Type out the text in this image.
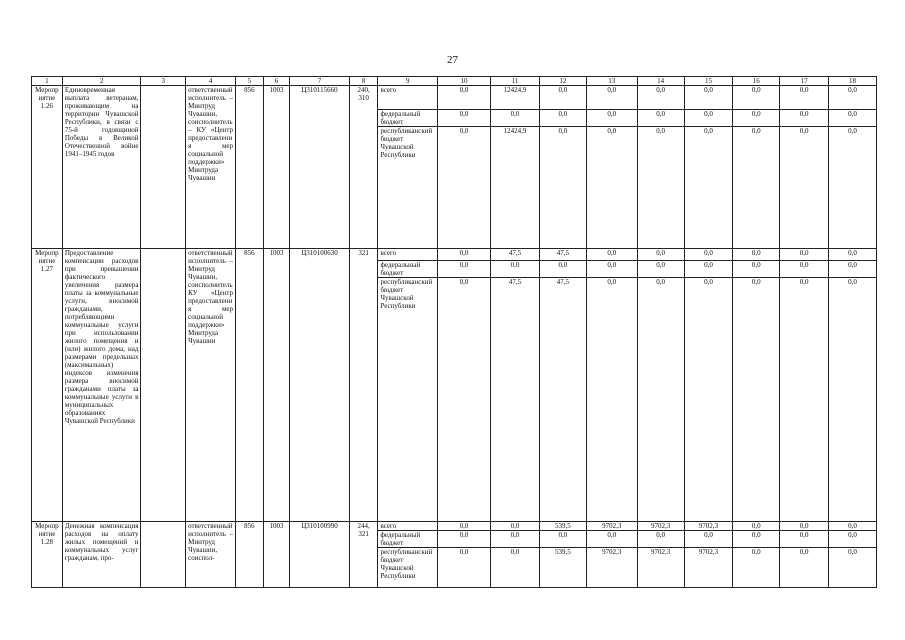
27
1	2	3	4	5	6	7	8	9	10	11	12	13	14	15	16	17	18
Мероприятие 1.26	Единовременная выплата ветеранам, проживающим на территории Чувашской Республики, в связи с 75-й годовщиной Победы в Великой Отечественной войне 1941–1945 годов		ответственный исполнитель – Минтруд Чувашии, соисполнитель – КУ «Центр предоставления мер социальной поддержки» Минтруда Чувашии	856	1003	Ц310115660	240, 310	всего	0,0	12424,9	0,0	0,0	0,0	0,0	0,0	0,0	0,0
								федеральный бюджет	0,0	0,0	0,0	0,0	0,0	0,0	0,0	0,0	0,0
								республиканский бюджет Чувашской Республики	0,0	12424,9	0,0	0,0	0,0	0,0	0,0	0,0	0,0
Мероприятие 1.27	Предоставление компенсации расходов при превышении фактического увеличения размера платы за коммунальные услуги, вносимой гражданами, потребляющими коммунальные услуги при использовании жилого помещения и (или) жилого дома, над размерами предельных (максимальных) индексов изменения размера вносимой гражданами платы за коммунальные услуги в муниципальных образованиях Чувашской Республики		ответственный исполнитель – Минтруд Чувашии, соисполнитель КУ «Центр предоставления мер социальной поддержки» Минтруда Чувашии	856	1003	Ц310100630	321	всего	0,0	47,5	47,5	0,0	0,0	0,0	0,0	0,0	0,0
								федеральный бюджет	0,0	0,0	0,0	0,0	0,0	0,0	0,0	0,0	0,0
								республиканский бюджет Чувашской Республики	0,0	47,5	47,5	0,0	0,0	0,0	0,0	0,0	0,0
Мероприятие 1.28	Денежная компенсация расходов на оплату жилых помещений и коммунальных услуг гражданам, про-		ответственный исполнитель – Минтруд Чувашии, соиспол-	856	1003	Ц310100990	244, 321	всего	0,0	0,0	539,5	9702,3	9702,3	9702,3	0,0	0,0	0,0
								федеральный бюджет	0,0	0,0	0,0	0,0	0,0	0,0	0,0	0,0	0,0
								республиканский бюджет Чувашской Республики	0,0	0,0	539,5	9702,3	9702,3	9702,3	0,0	0,0	0,0
